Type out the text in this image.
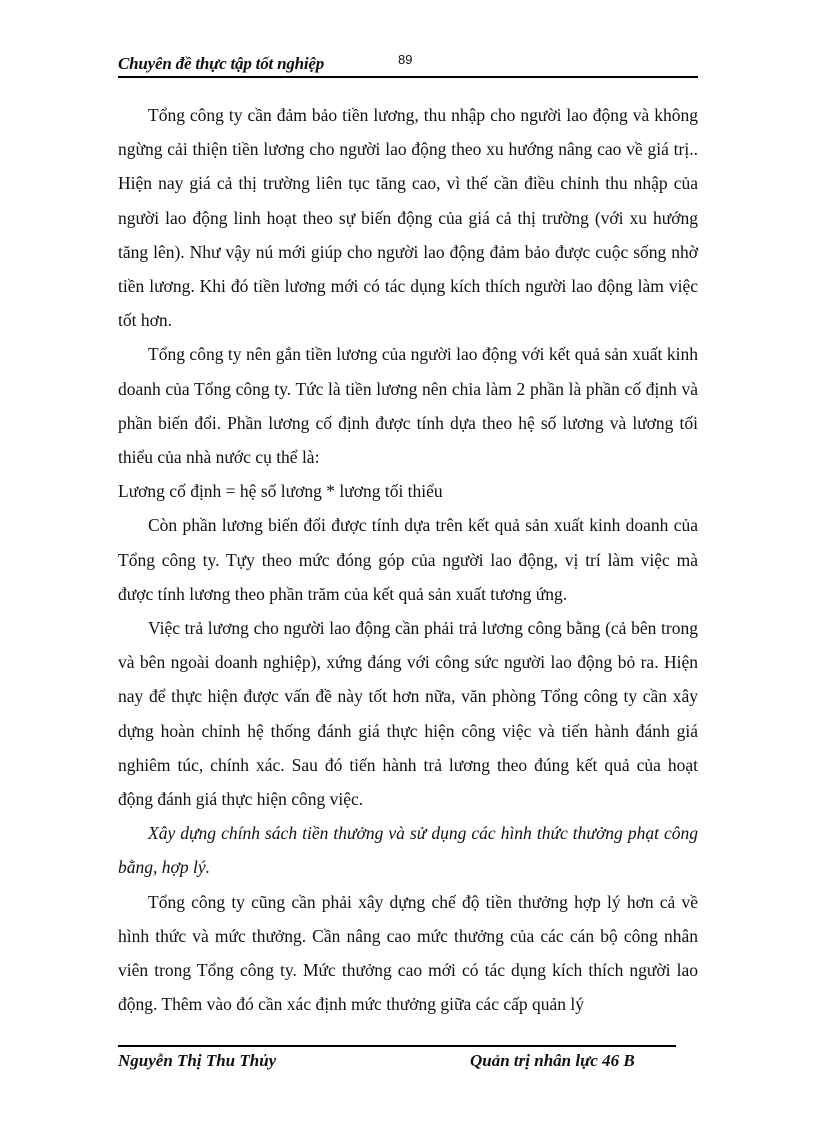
Chuyên đề thực tập tốt nghiệp	89

Tổng công ty cần đảm bảo tiền lương, thu nhập cho người lao động và không ngừng cải thiện tiền lương cho người lao động theo xu hướng nâng cao về giá trị.. Hiện nay giá cả thị trường liên tục tăng cao, vì thế cần điều chỉnh thu nhập của người lao động linh hoạt theo sự biến động của giá cả thị trường (với xu hướng tăng lên). Như vậy nú mới giúp cho người lao động đảm bảo được cuộc sống nhờ tiền lương. Khi đó tiền lương mới có tác dụng kích thích người lao động làm việc tốt hơn.

Tổng công ty nên gắn tiền lương của người lao động với kết quả sản xuất kinh doanh của Tổng công ty. Tức là tiền lương nên chia làm 2 phần là phần cố định và phần biến đổi. Phần lương cố định được tính dựa theo hệ số lương và lương tối thiểu của nhà nước cụ thể là:

Lương cố định = hệ số lương * lương tối thiểu

Còn phần lương biến đổi được tính dựa trên kết quả sản xuất kinh doanh của Tổng công ty. Tựy theo mức đóng góp của người lao động, vị trí làm việc mà được tính lương theo phần trăm của kết quả sản xuất tương ứng.

Việc trả lương cho người lao động cần phải trả lương công bằng (cả bên trong và bên ngoài doanh nghiệp), xứng đáng với công sức người lao động bỏ ra. Hiện nay để thực hiện được vấn đề này tốt hơn nữa, văn phòng Tổng công ty cần xây dựng hoàn chỉnh hệ thống đánh giá thực hiện công việc và tiến hành đánh giá nghiêm túc, chính xác. Sau đó tiến hành trả lương theo đúng kết quả của hoạt động đánh giá thực hiện công việc.

Xây dựng chính sách tiền thưởng và sử dụng các hình thức thưởng phạt công bằng, hợp lý.

Tổng công ty cũng cần phải xây dựng chế độ tiền thưởng hợp lý hơn cả về hình thức và mức thưởng. Cần nâng cao mức thưởng của các cán bộ công nhân viên trong Tổng công ty. Mức thưởng cao mới có tác dụng kích thích người lao động. Thêm vào đó cần xác định mức thưởng giữa các cấp quản lý

Nguyễn Thị Thu Thủy	Quản trị nhân lực 46 B
